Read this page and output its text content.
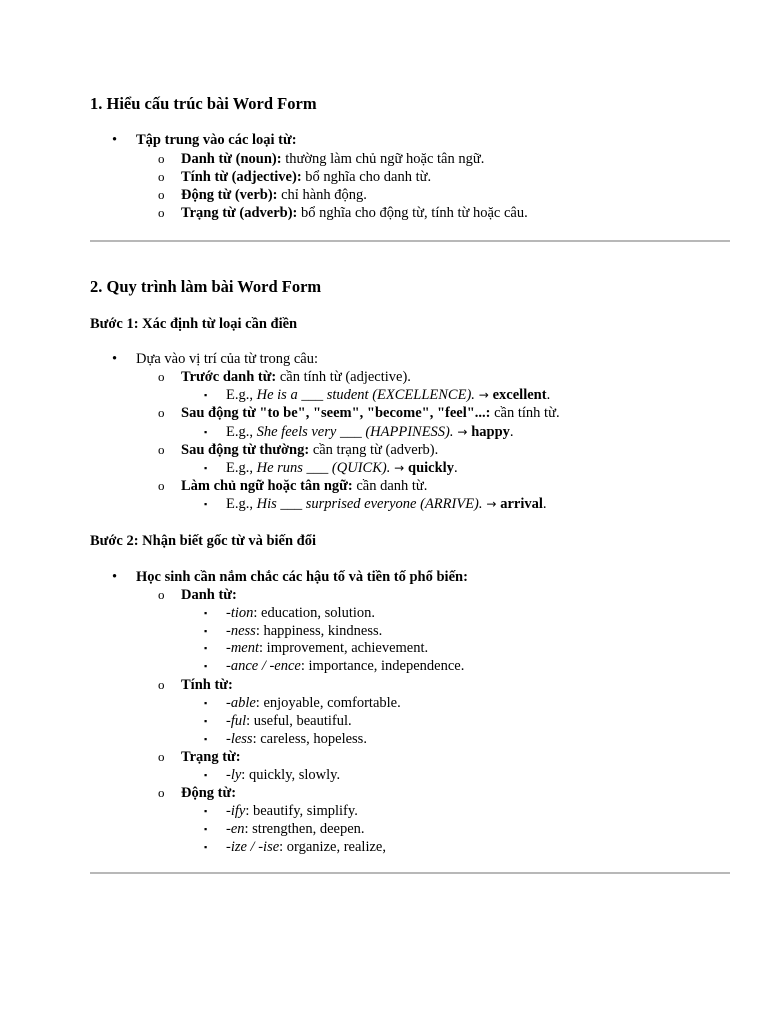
1. Hiểu cấu trúc bài Word Form
• Tập trung vào các loại từ:
o Danh từ (noun): thường làm chủ ngữ hoặc tân ngữ.
o Tính từ (adjective): bổ nghĩa cho danh từ.
o Động từ (verb): chỉ hành động.
o Trạng từ (adverb): bổ nghĩa cho động từ, tính từ hoặc câu.
2. Quy trình làm bài Word Form
Bước 1: Xác định từ loại cần điền
• Dựa vào vị trí của từ trong câu:
o Trước danh từ: cần tính từ (adjective).
▪ E.g., He is a ___ student (EXCELLENCE). → excellent.
o Sau động từ "to be", "seem", "become", "feel"...: cần tính từ.
▪ E.g., She feels very ___ (HAPPINESS). → happy.
o Sau động từ thường: cần trạng từ (adverb).
▪ E.g., He runs ___ (QUICK). → quickly.
o Làm chủ ngữ hoặc tân ngữ: cần danh từ.
▪ E.g., His ___ surprised everyone (ARRIVE). → arrival.
Bước 2: Nhận biết gốc từ và biến đổi
• Học sinh cần nắm chắc các hậu tố và tiền tố phổ biến:
o Danh từ:
▪ -tion: education, solution.
▪ -ness: happiness, kindness.
▪ -ment: improvement, achievement.
▪ -ance / -ence: importance, independence.
o Tính từ:
▪ -able: enjoyable, comfortable.
▪ -ful: useful, beautiful.
▪ -less: careless, hopeless.
o Trạng từ:
▪ -ly: quickly, slowly.
o Động từ:
▪ -ify: beautify, simplify.
▪ -en: strengthen, deepen.
▪ -ize / -ise: organize, realize,
